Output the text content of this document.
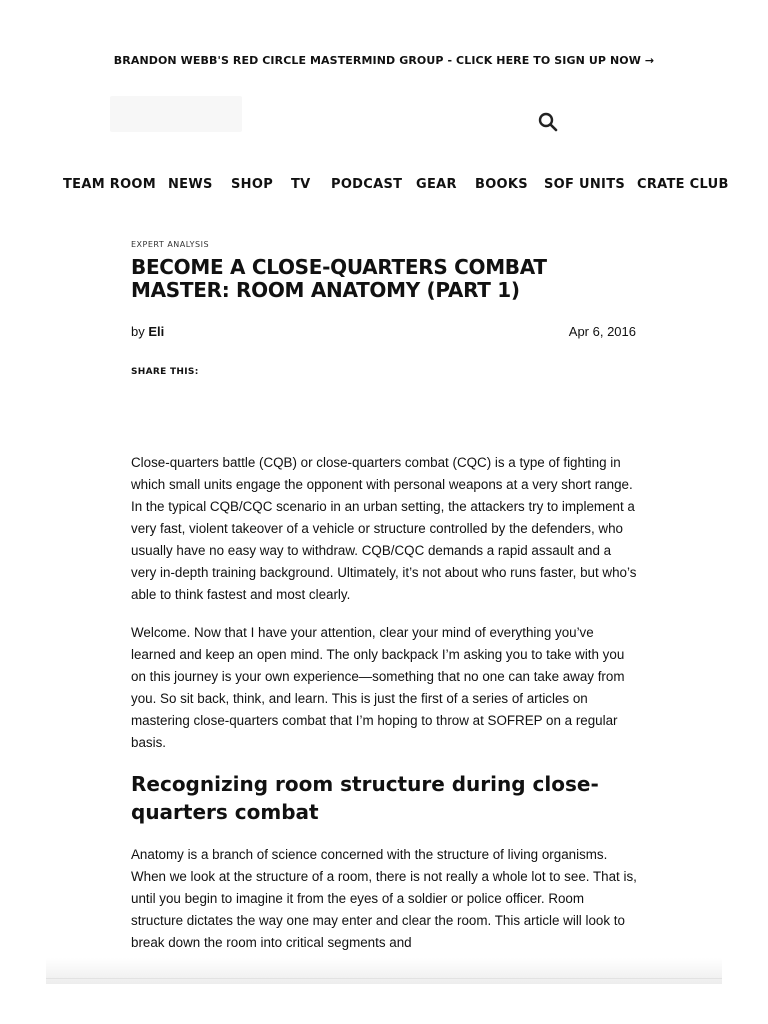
BRANDON WEBB'S RED CIRCLE MASTERMIND GROUP - CLICK HERE TO SIGN UP NOW →
TEAM ROOM NEWS SHOP TV PODCAST GEAR BOOKS SOF UNITS CRATE CLUB
EXPERT ANALYSIS
BECOME A CLOSE-QUARTERS COMBAT MASTER: ROOM ANATOMY (PART 1)
by Eli	Apr 6, 2016
SHARE THIS:

Close-quarters battle (CQB) or close-quarters combat (CQC) is a type of fighting in which small units engage the opponent with personal weapons at a very short range. In the typical CQB/CQC scenario in an urban setting, the attackers try to implement a very fast, violent takeover of a vehicle or structure controlled by the defenders, who usually have no easy way to withdraw. CQB/CQC demands a rapid assault and a very in-depth training background. Ultimately, it’s not about who runs faster, but who’s able to think fastest and most clearly.

Welcome. Now that I have your attention, clear your mind of everything you’ve learned and keep an open mind. The only backpack I’m asking you to take with you on this journey is your own experience—something that no one can take away from you. So sit back, think, and learn. This is just the first of a series of articles on mastering close-quarters combat that I’m hoping to throw at SOFREP on a regular basis.

Recognizing room structure during close-quarters combat

Anatomy is a branch of science concerned with the structure of living organisms. When we look at the structure of a room, there is not really a whole lot to see. That is, until you begin to imagine it from the eyes of a soldier or police officer. Room structure dictates the way one may enter and clear the room. This article will look to break down the room into critical segments and
